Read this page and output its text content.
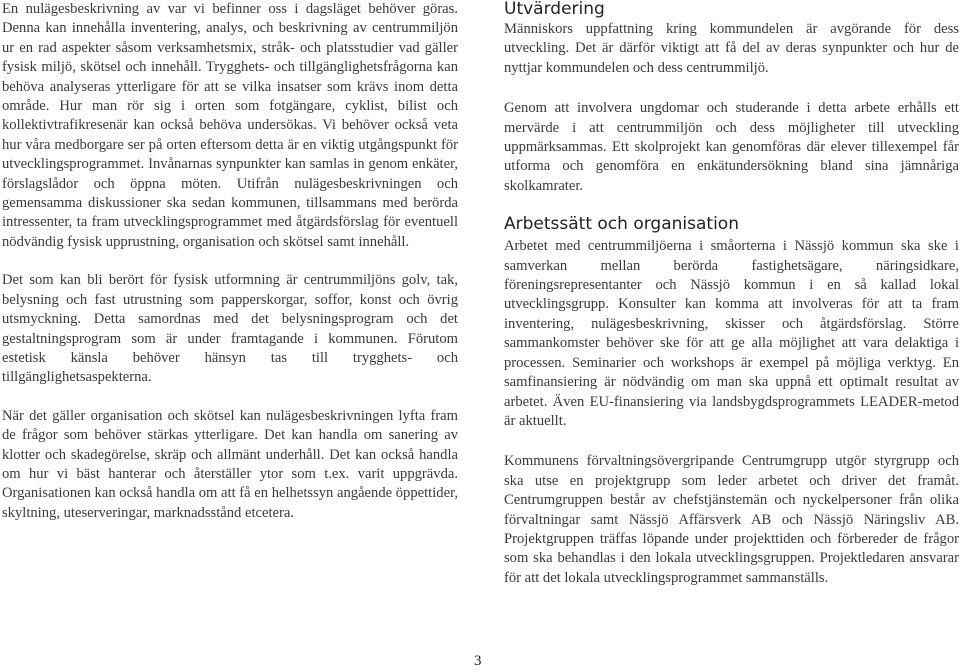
En nulägesbeskrivning av var vi befinner oss i dagsläget behöver göras. Denna kan innehålla inventering, analys, och beskrivning av centrummiljön ur en rad aspekter såsom verksamhetsmix, stråk- och platsstudier vad gäller fysisk miljö, skötsel och innehåll. Trygghets- och tillgänglighetsfrågorna kan behöva analyseras ytterligare för att se vilka insatser som krävs inom detta område. Hur man rör sig i orten som fotgängare, cyklist, bilist och kollektivtrafikresenär kan också behöva undersökas. Vi behöver också veta hur våra medborgare ser på orten eftersom detta är en viktig utgångspunkt för utvecklingsprogrammet. Invånarnas synpunkter kan samlas in genom enkäter, förslagslådor och öppna möten. Utifrån nulägesbeskrivningen och gemensamma diskussioner ska sedan kommunen, tillsammans med berörda intressenter, ta fram utvecklingsprogrammet med åtgärdsförslag för eventuell nödvändig fysisk upprustning, organisation och skötsel samt innehåll.

Det som kan bli berört för fysisk utformning är centrummiljöns golv, tak, belysning och fast utrustning som papperskorgar, soffor, konst och övrig utsmyckning. Detta samordnas med det belysningsprogram och det gestaltningsprogram som är under framtagande i kommunen. Förutom estetisk känsla behöver hänsyn tas till trygghets- och tillgänglighetsaspekterna.

När det gäller organisation och skötsel kan nulägesbeskrivningen lyfta fram de frågor som behöver stärkas ytterligare. Det kan handla om sanering av klotter och skadegörelse, skräp och allmänt underhåll. Det kan också handla om hur vi bäst hanterar och återställer ytor som t.ex. varit uppgrävda. Organisationen kan också handla om att få en helhetssyn angående öppettider, skyltning, uteserveringar, marknadsstånd etcetera.

Utvärdering

Människors uppfattning kring kommundelen är avgörande för dess utveckling. Det är därför viktigt att få del av deras synpunkter och hur de nyttjar kommundelen och dess centrummiljö.

Genom att involvera ungdomar och studerande i detta arbete erhålls ett mervärde i att centrummiljön och dess möjligheter till utveckling uppmärksammas. Ett skolprojekt kan genomföras där elever tillexempel får utforma och genomföra en enkätundersökning bland sina jämnåriga skolkamrater.

Arbetssätt och organisation

Arbetet med centrummiljöerna i småorterna i Nässjö kommun ska ske i samverkan mellan berörda fastighetsägare, näringsidkare, föreningsrepresentanter och Nässjö kommun i en så kallad lokal utvecklingsgrupp. Konsulter kan komma att involveras för att ta fram inventering, nulägesbeskrivning, skisser och åtgärdsförslag. Större sammankomster behöver ske för att ge alla möjlighet att vara delaktiga i processen. Seminarier och workshops är exempel på möjliga verktyg. En samfinansiering är nödvändig om man ska uppnå ett optimalt resultat av arbetet. Även EU-finansiering via landsbygdsprogrammets LEADER-metod är aktuellt.

Kommunens förvaltningsövergripande Centrumgrupp utgör styrgrupp och ska utse en projektgrupp som leder arbetet och driver det framåt. Centrumgruppen består av chefstjänstemän och nyckelpersoner från olika förvaltningar samt Nässjö Affärsverk AB och Nässjö Näringsliv AB. Projektgruppen träffas löpande under projekttiden och förbereder de frågor som ska behandlas i den lokala utvecklingsgruppen. Projektledaren ansvarar för att det lokala utvecklingsprogrammet sammanställs.

3
